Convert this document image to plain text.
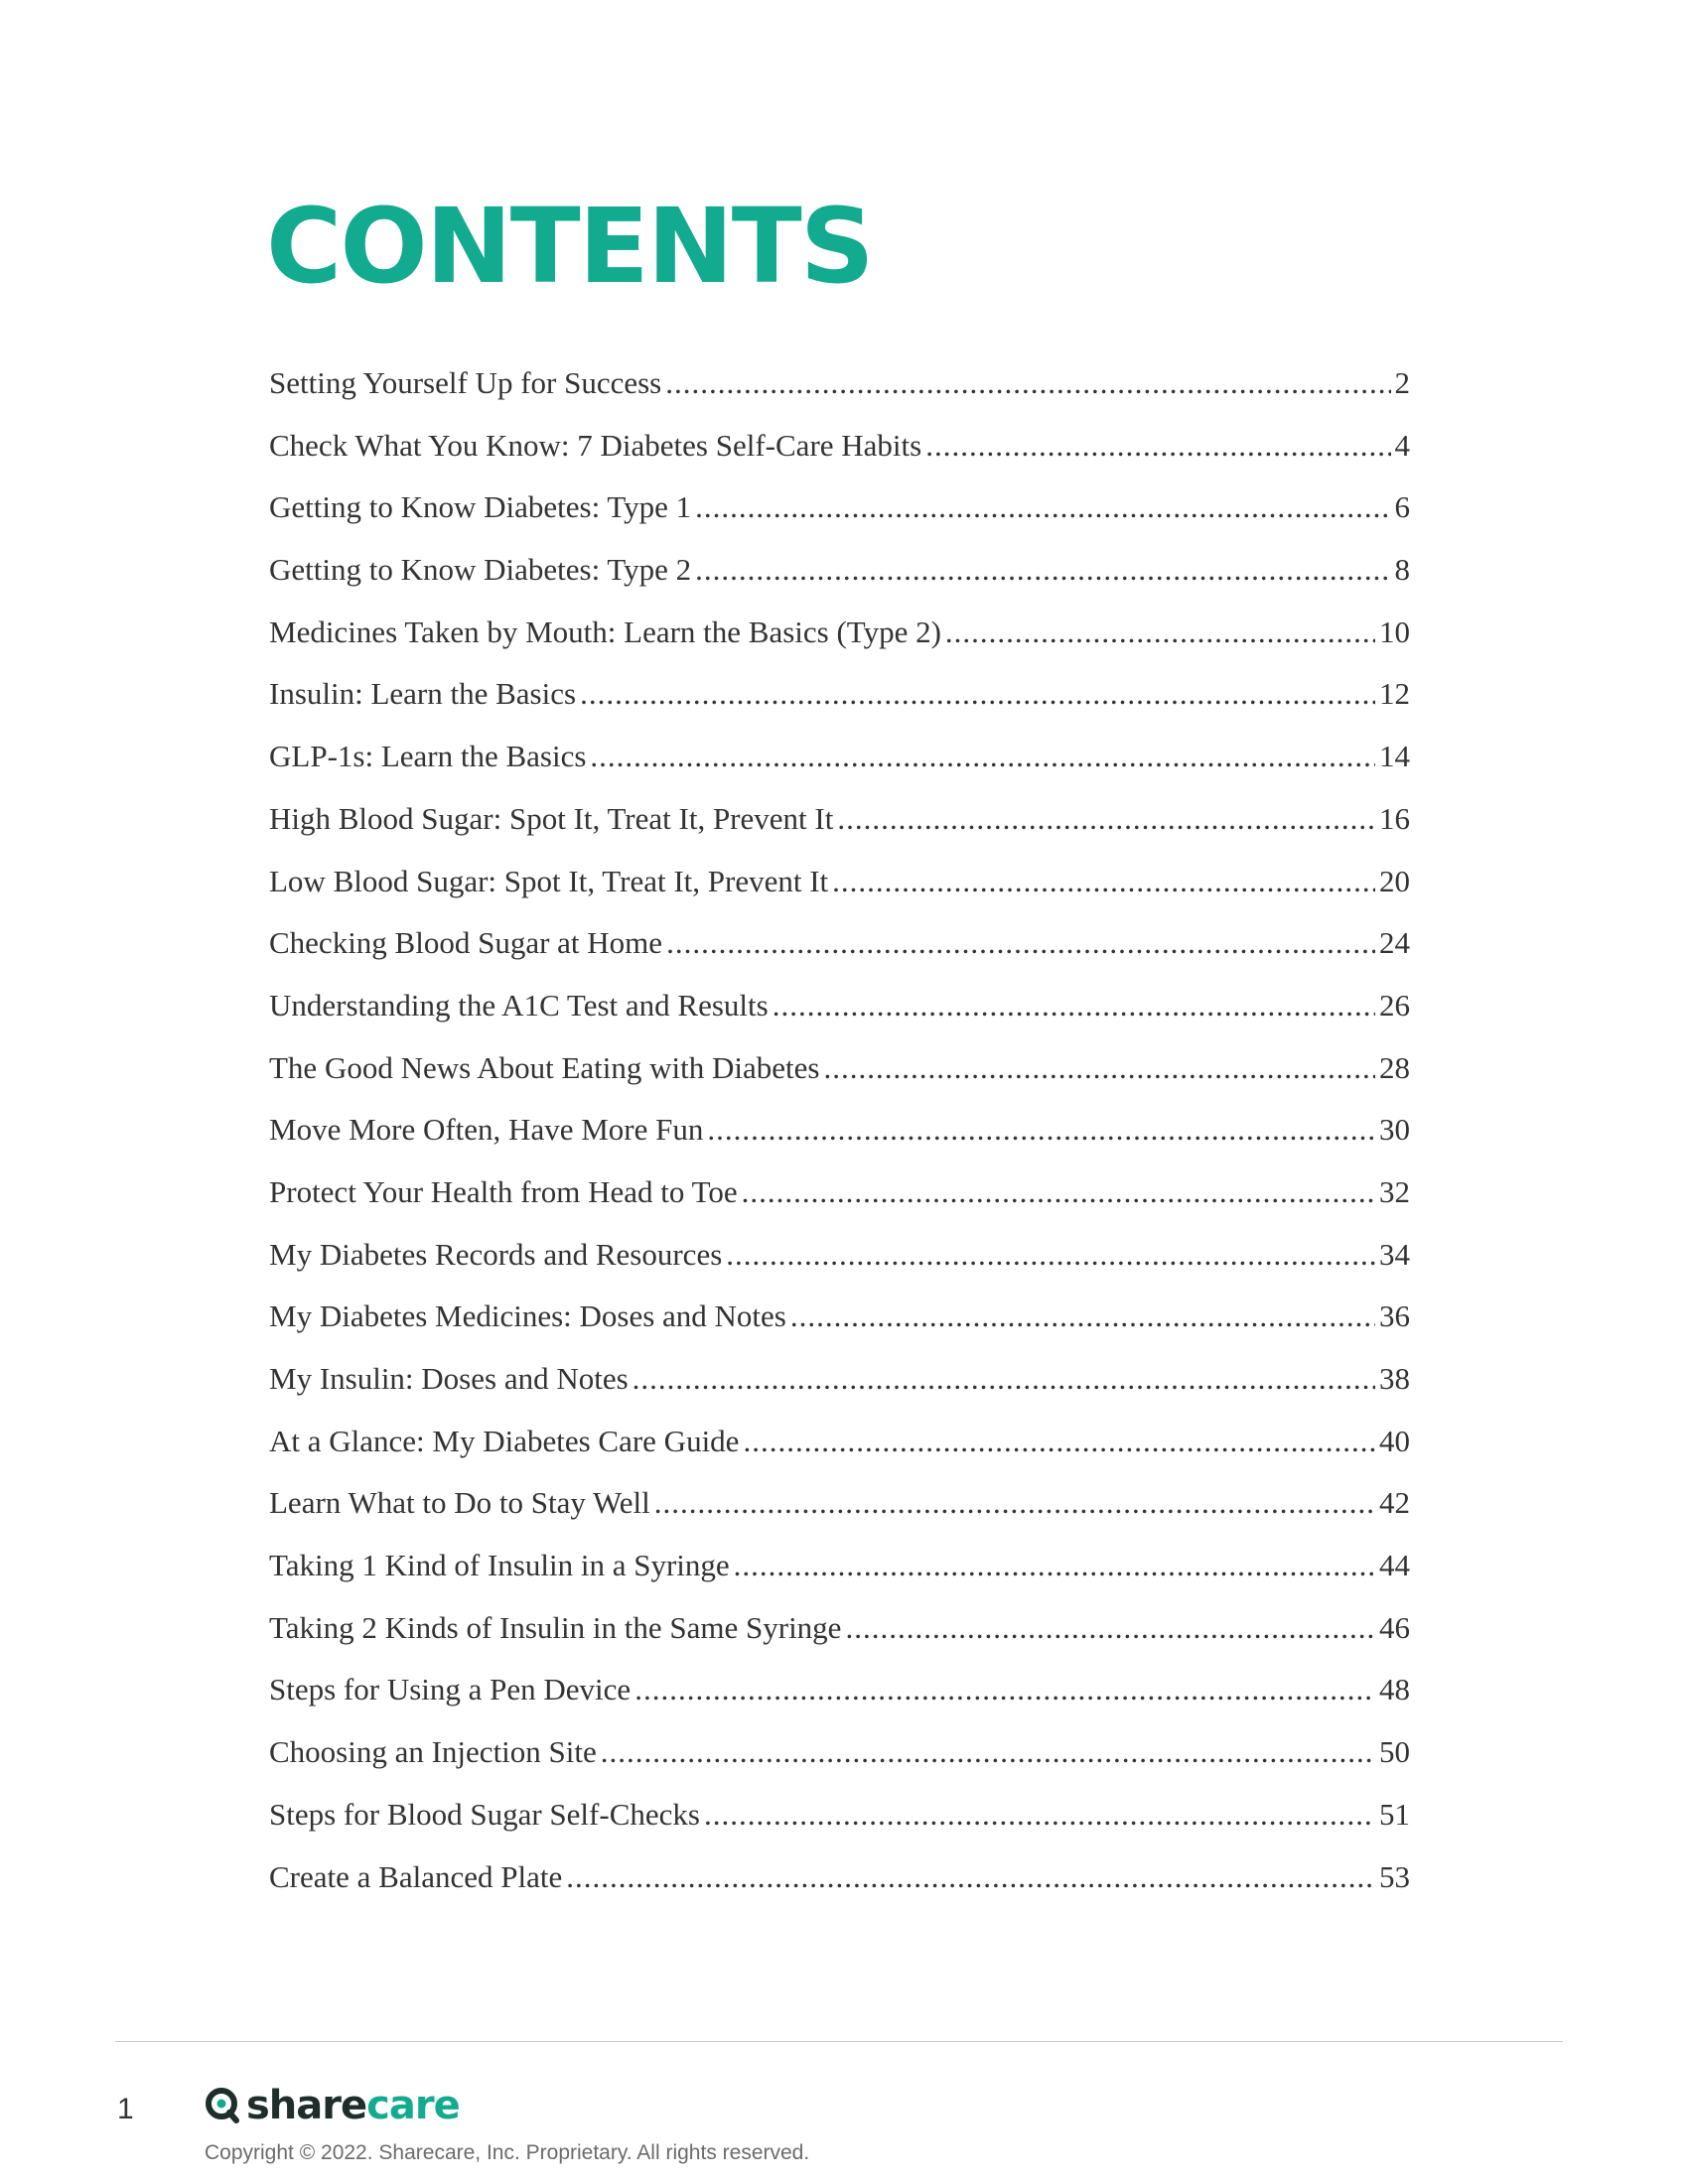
CONTENTS
Setting Yourself Up for Success .....	2
Check What You Know: 7 Diabetes Self-Care Habits .....	4
Getting to Know Diabetes: Type 1 .....	6
Getting to Know Diabetes: Type 2 .....	8
Medicines Taken by Mouth: Learn the Basics (Type 2) .....	10
Insulin: Learn the Basics .....	12
GLP-1s: Learn the Basics .....	14
High Blood Sugar: Spot It, Treat It, Prevent It .....	16
Low Blood Sugar: Spot It, Treat It, Prevent It .....	20
Checking Blood Sugar at Home .....	24
Understanding the A1C Test and Results .....	26
The Good News About Eating with Diabetes .....	28
Move More Often, Have More Fun .....	30
Protect Your Health from Head to Toe .....	32
My Diabetes Records and Resources .....	34
My Diabetes Medicines: Doses and Notes .....	36
My Insulin: Doses and Notes .....	38
At a Glance: My Diabetes Care Guide .....	40
Learn What to Do to Stay Well .....	42
Taking 1 Kind of Insulin in a Syringe .....	44
Taking 2 Kinds of Insulin in the Same Syringe .....	46
Steps for Using a Pen Device .....	48
Choosing an Injection Site .....	50
Steps for Blood Sugar Self-Checks .....	51
Create a Balanced Plate .....	53
1	sharecare
Copyright © 2022. Sharecare, Inc. Proprietary. All rights reserved.
